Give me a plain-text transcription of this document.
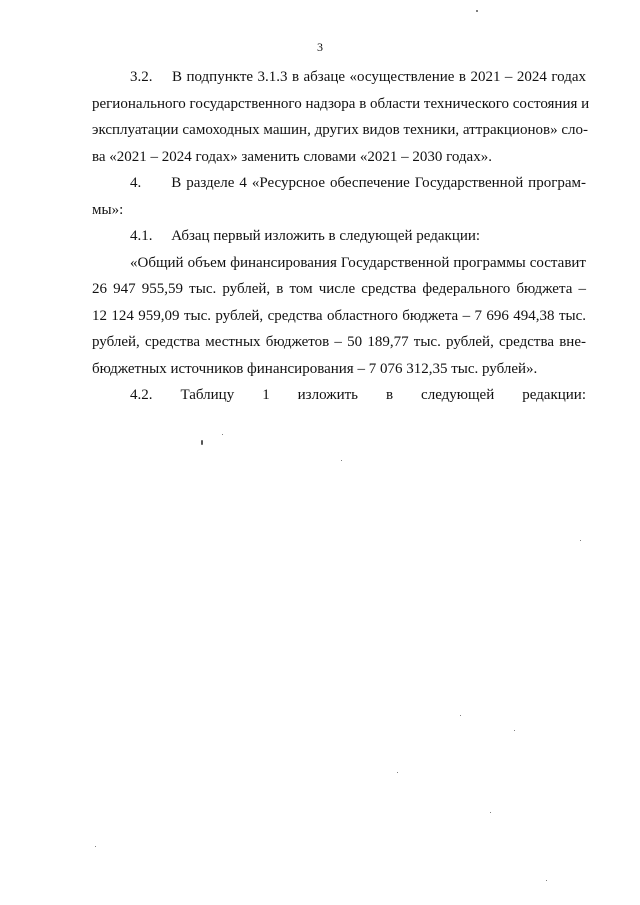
3
3.2.  В подпункте 3.1.3 в абзаце «осуществление в 2021 – 2024 годах
регионального государственного надзора в области технического состояния и
эксплуатации самоходных машин, других видов техники, аттракционов» сло-
ва «2021 – 2024 годах» заменить словами «2021 – 2030 годах».
4.  В разделе 4 «Ресурсное обеспечение Государственной програм-
мы»:
4.1.  Абзац первый изложить в следующей редакции:
«Общий объем финансирования Государственной программы составит
26 947 955,59 тыс. рублей, в том числе средства федерального бюджета –
12 124 959,09 тыс. рублей, средства областного бюджета – 7 696 494,38 тыс.
рублей, средства местных бюджетов – 50 189,77 тыс. рублей, средства вне-
бюджетных источников финансирования – 7 076 312,35 тыс. рублей».
4.2. Таблицу 1 изложить в следующей редакции:
